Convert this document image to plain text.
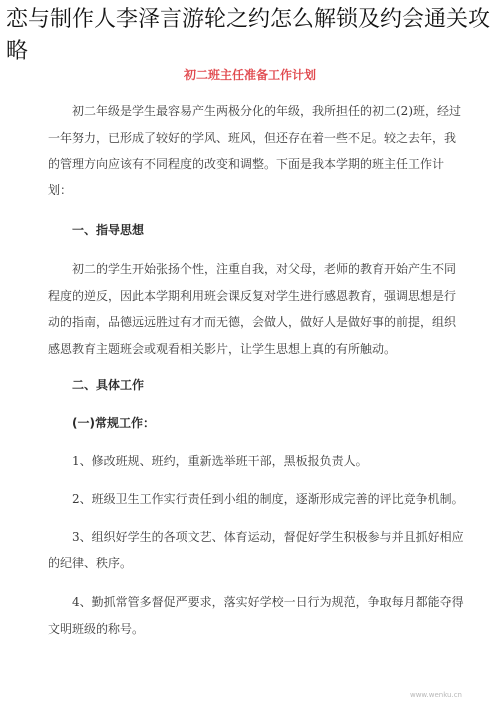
初二班主任准备工作计划
初二年级是学生最容易产生两极分化的年级，我所担任的初二(2)班，经过
一年努力，已形成了较好的学风、班风，但还存在着一些不足。较之去年，我
的管理方向应该有不同程度的改变和调整。下面是我本学期的班主任工作计
划：
一、指导思想
初二的学生开始张扬个性，注重自我，对父母，老师的教育开始产生不同
程度的逆反，因此本学期利用班会课反复对学生进行感恩教育，强调思想是行
动的指南，品德远远胜过有才而无德，会做人，做好人是做好事的前提，组织
感恩教育主题班会或观看相关影片，让学生思想上真的有所触动。
二、具体工作
(一)常规工作：
1、修改班规、班约，重新选举班干部，黑板报负责人。
2、班级卫生工作实行责任到小组的制度，逐渐形成完善的评比竞争机制。
3、组织好学生的各项文艺、体育运动，督促好学生积极参与并且抓好相应
的纪律、秩序。
4、勤抓常管多督促严要求，落实好学校一日行为规范，争取每月都能夺得
文明班级的称号。
www.wenku.cn
恋与制作人李泽言游轮之约怎么解锁及约会通关攻略
